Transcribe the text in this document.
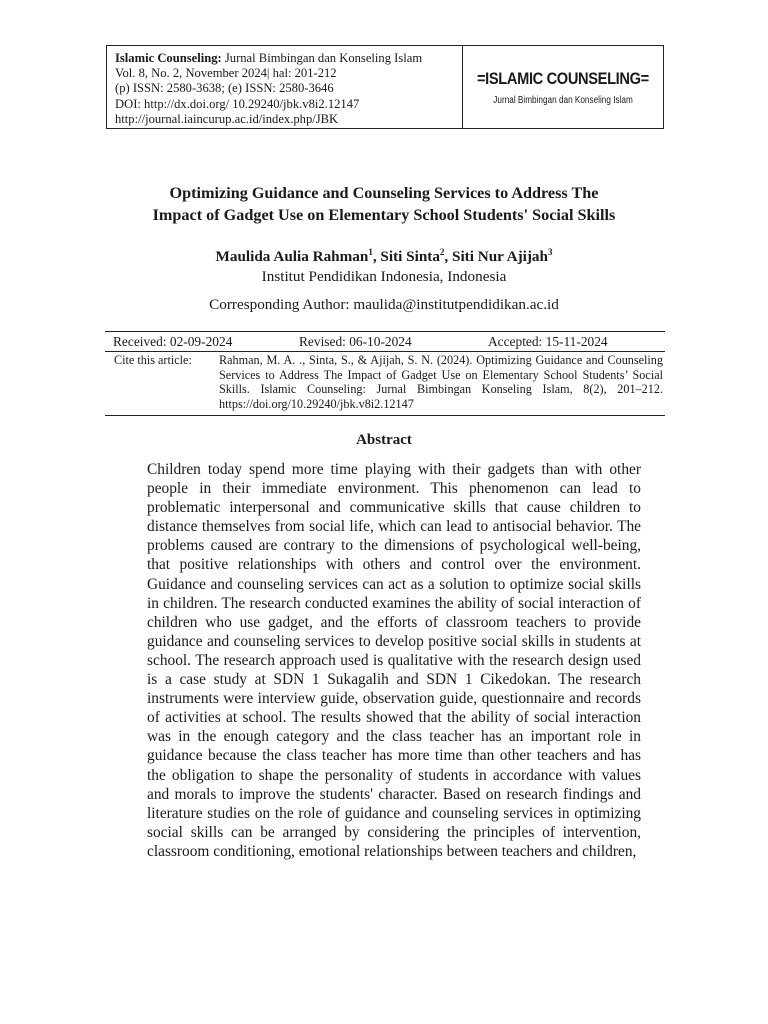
Islamic Counseling: Jurnal Bimbingan dan Konseling Islam
Vol. 8, No. 2, November 2024| hal: 201-212
(p) ISSN: 2580-3638; (e) ISSN: 2580-3646
DOI: http://dx.doi.org/ 10.29240/jbk.v8i2.12147
http://journal.iaincurup.ac.id/index.php/JBK
=ISLAMIC COUNSELING=
Jurnal Bimbingan dan Konseling Islam
Optimizing Guidance and Counseling Services to Address The
Impact of Gadget Use on Elementary School Students' Social Skills
Maulida Aulia Rahman$^1$, Siti Sinta$^2$, Siti Nur Ajijah$^3$
Institut Pendidikan Indonesia, Indonesia
Corresponding Author: maulida@institutpendidikan.ac.id
Received: 02-09-2024	Revised: 06-10-2024	Accepted: 15-11-2024
Cite this article: Rahman, M. A. ., Sinta, S., & Ajijah, S. N. (2024). Optimizing Guidance and Counseling Services to Address The Impact of Gadget Use on Elementary School Students’ Social Skills. Islamic Counseling: Jurnal Bimbingan Konseling Islam, 8(2), 201–212. https://doi.org/10.29240/jbk.v8i2.12147
Abstract
Children today spend more time playing with their gadgets than with other people in their immediate environment. This phenomenon can lead to problematic interpersonal and communicative skills that cause children to distance themselves from social life, which can lead to antisocial behavior. The problems caused are contrary to the dimensions of psychological well-being, that positive relationships with others and control over the environment. Guidance and counseling services can act as a solution to optimize social skills in children. The research conducted examines the ability of social interaction of children who use gadget, and the efforts of classroom teachers to provide guidance and counseling services to develop positive social skills in students at school. The research approach used is qualitative with the research design used is a case study at SDN 1 Sukagalih and SDN 1 Cikedokan. The research instruments were interview guide, observation guide, questionnaire and records of activities at school. The results showed that the ability of social interaction was in the enough category and the class teacher has an important role in guidance because the class teacher has more time than other teachers and has the obligation to shape the personality of students in accordance with values and morals to improve the students' character. Based on research findings and literature studies on the role of guidance and counseling services in optimizing social skills can be arranged by considering the principles of intervention, classroom conditioning, emotional relationships between teachers and children,
